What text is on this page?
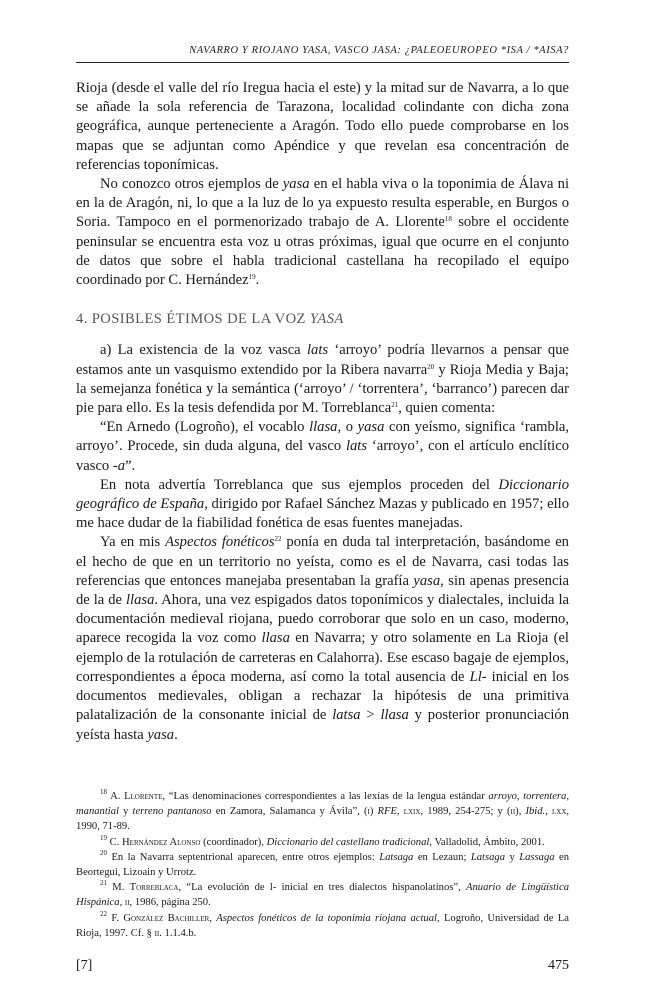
NAVARRO Y RIOJANO YASA, VASCO JASA: ¿PALEOEUROPEO *ISA / *AISA?

Rioja (desde el valle del río Iregua hacia el este) y la mitad sur de Navarra, a lo que se añade la sola referencia de Tarazona, localidad colindante con dicha zona geográfica, aunque perteneciente a Aragón. Todo ello puede comprobarse en los mapas que se adjuntan como Apéndice y que revelan esa concentración de referencias toponímicas.

No conozco otros ejemplos de yasa en el habla viva o la toponimia de Álava ni en la de Aragón, ni, lo que a la luz de lo ya expuesto resulta esperable, en Burgos o Soria. Tampoco en el pormenorizado trabajo de A. Llorente$^{18}$ sobre el occidente peninsular se encuentra esta voz u otras próximas, igual que ocurre en el conjunto de datos que sobre el habla tradicional castellana ha recopilado el equipo coordinado por C. Hernández$^{19}$.

4. POSIBLES ÉTIMOS DE LA VOZ YASA

a) La existencia de la voz vasca lats ‘arroyo’ podría llevarnos a pensar que estamos ante un vasquismo extendido por la Ribera navarra$^{20}$ y Rioja Media y Baja; la semejanza fonética y la semántica (‘arroyo’ / ‘torrentera’, ‘barranco’) parecen dar pie para ello. Es la tesis defendida por M. Torreblanca$^{21}$, quien comenta:

“En Arnedo (Logroño), el vocablo llasa, o yasa con yeísmo, significa ‘rambla, arroyo’. Procede, sin duda alguna, del vasco lats ‘arroyo’, con el artículo enclítico vasco -a”.

En nota advertía Torreblanca que sus ejemplos proceden del Diccionario geográfico de España, dirigido por Rafael Sánchez Mazas y publicado en 1957; ello me hace dudar de la fiabilidad fonética de esas fuentes manejadas.

Ya en mis Aspectos fonéticos$^{22}$ ponía en duda tal interpretación, basándome en el hecho de que en un territorio no yeísta, como es el de Navarra, casi todas las referencias que entonces manejaba presentaban la grafía yasa, sin apenas presencia de la de llasa. Ahora, una vez espigados datos toponímicos y dialectales, incluida la documentación medieval riojana, puedo corroborar que solo en un caso, moderno, aparece recogida la voz como llasa en Navarra; y otro solamente en La Rioja (el ejemplo de la rotulación de carreteras en Calahorra). Ese escaso bagaje de ejemplos, correspondientes a época moderna, así como la total ausencia de Ll- inicial en los documentos medievales, obligan a rechazar la hipótesis de una primitiva palatalización de la consonante inicial de latsa > llasa y posterior pronunciación yeísta hasta yasa.

$^{18}$ A. Llorente, “Las denominaciones correspondientes a las lexías de la lengua estándar arroyo, torrentera, manantial y terreno pantanoso en Zamora, Salamanca y Ávila”, (i) RFE, lxix, 1989, 254-275; y (ii), Ibid., lxx, 1990, 71-89.

$^{19}$ C. Hernández Alonso (coordinador), Diccionario del castellano tradicional, Valladolid, Ámbito, 2001.

$^{20}$ En la Navarra septentrional aparecen, entre otros ejemplos: Latsaga en Lezaun; Latsaga y Lassaga en Beortegui, Lizoain y Urrotz.

$^{21}$ M. Torreblaca, “La evolución de l- inicial en tres dialectos hispanolatinos”, Anuario de Lingüística Hispánica, ii, 1986, página 250.

$^{22}$ F. González Bachiller, Aspectos fonéticos de la toponimia riojana actual, Logroño, Universidad de La Rioja, 1997. Cf. § ii. 1.1.4.b.

[7]	475
